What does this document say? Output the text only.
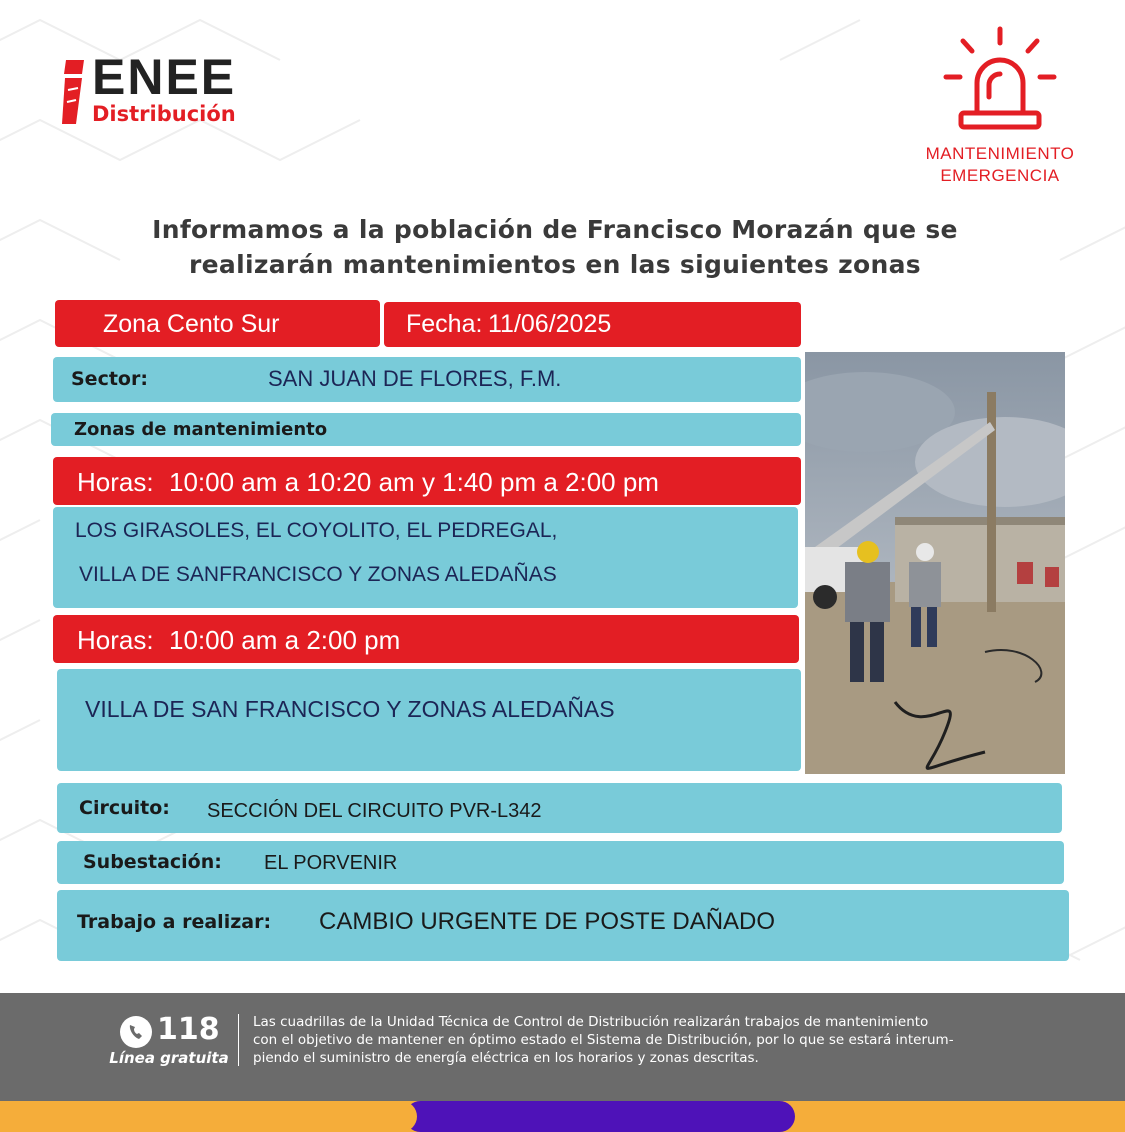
ENEE
Distribución
MANTENIMIENTO
EMERGENCIA
Informamos a la población de Francisco Morazán que se
realizarán mantenimientos en las siguientes zonas
Zona Cento Sur	Fecha: 11/06/2025
Sector:	SAN JUAN DE FLORES, F.M.
Zonas de mantenimiento
Horas: 10:00 am a 10:20 am y 1:40 pm a 2:00 pm
LOS GIRASOLES, EL COYOLITO, EL PEDREGAL,
VILLA DE SANFRANCISCO Y ZONAS ALEDAÑAS
Horas: 10:00 am a 2:00 pm
VILLA DE SAN FRANCISCO Y ZONAS ALEDAÑAS
Circuito: SECCIÓN DEL CIRCUITO PVR-L342
Subestación: EL PORVENIR
Trabajo a realizar: CAMBIO URGENTE DE POSTE DAÑADO
118
Línea gratuita
Las cuadrillas de la Unidad Técnica de Control de Distribución realizarán trabajos de mantenimiento
con el objetivo de mantener en óptimo estado el Sistema de Distribución, por lo que se estará interum-
piendo el suministro de energía eléctrica en los horarios y zonas descritas.
